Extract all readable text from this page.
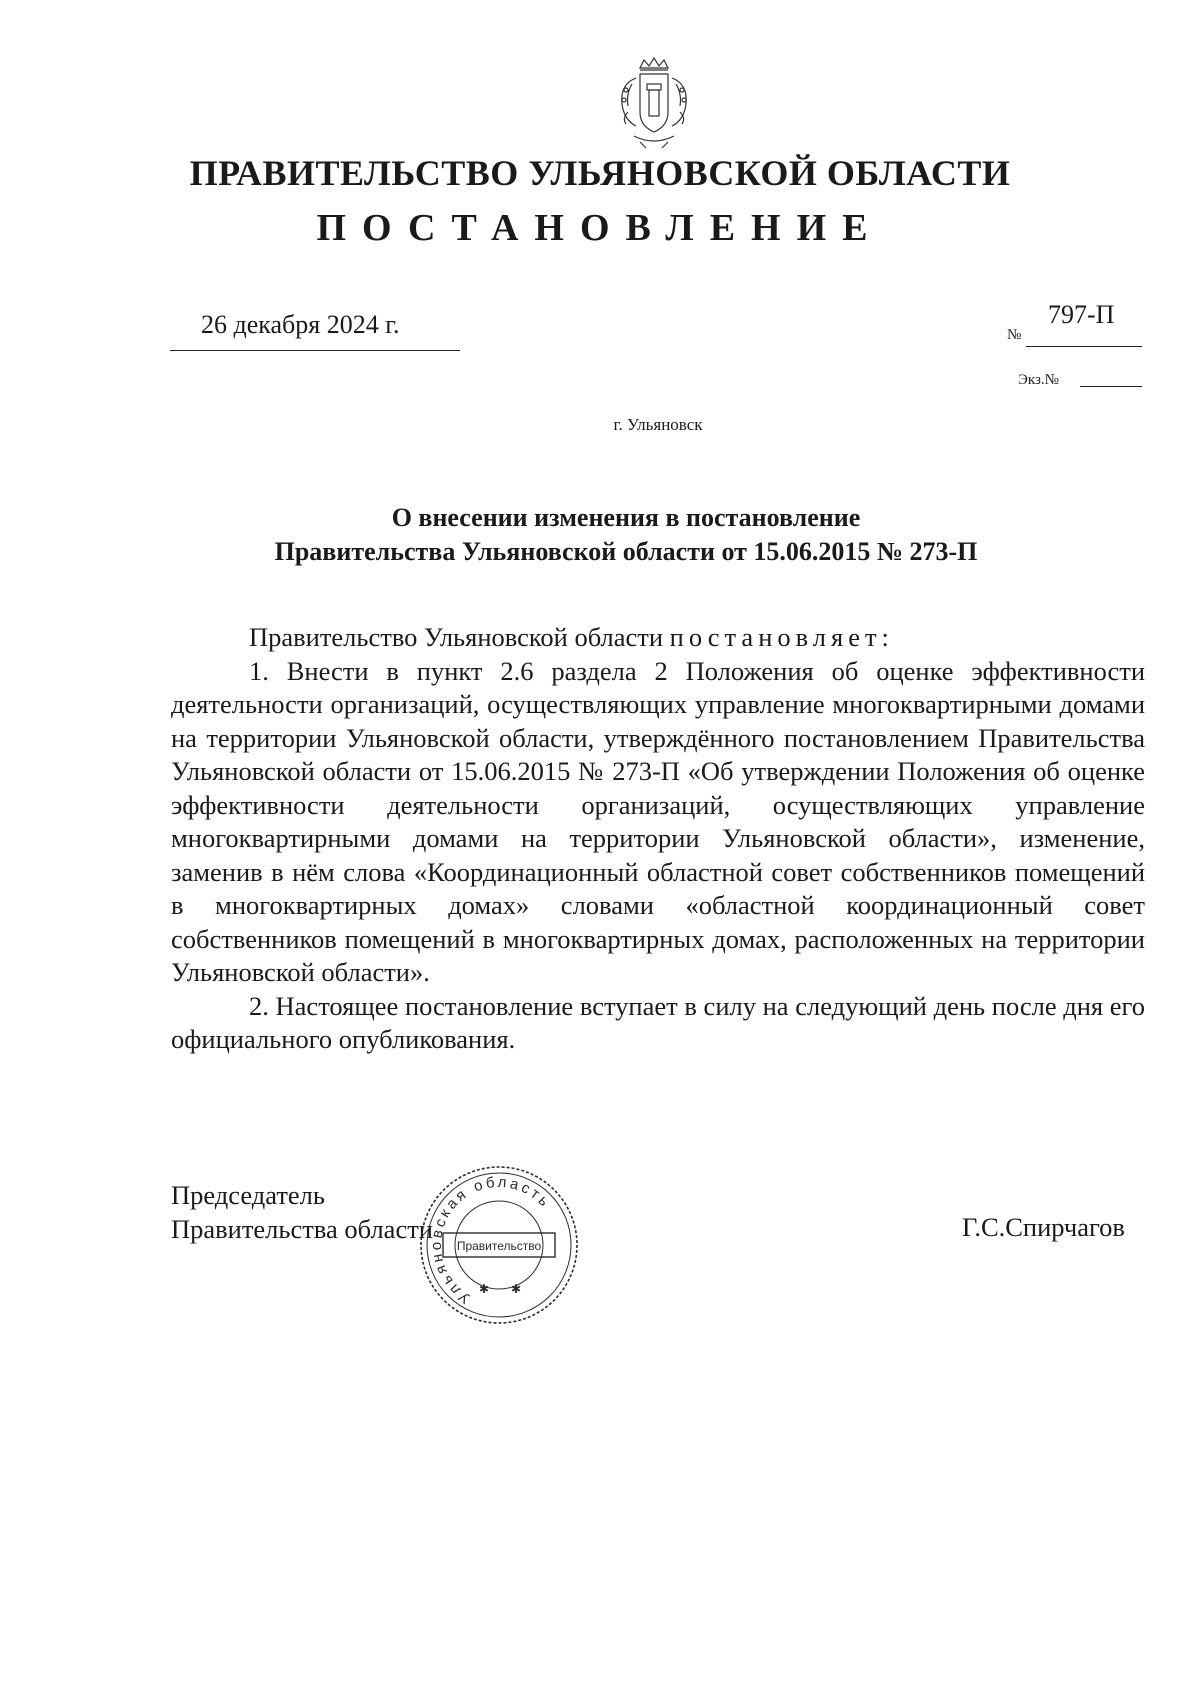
ПРАВИТЕЛЬСТВО УЛЬЯНОВСКОЙ ОБЛАСТИ
ПОСТАНОВЛЕНИЕ
26 декабря 2024 г.	№
797-П
Экз.№
г. Ульяновск
О внесении изменения в постановление
Правительства Ульяновской области от 15.06.2015 № 273-П

Правительство Ульяновской области постановляет:

1. Внести в пункт 2.6 раздела 2 Положения об оценке эффективности деятельности организаций, осуществляющих управление многоквартирными домами на территории Ульяновской области, утверждённого постановлением Правительства Ульяновской области от 15.06.2015 № 273-П «Об утверждении Положения об оценке эффективности деятельности организаций, осуществляющих управление многоквартирными домами на территории Ульяновской области», изменение, заменив в нём слова «Координационный областной совет собственников помещений в многоквартирных домах» словами «областной координационный совет собственников помещений в многоквартирных домах, расположенных на территории Ульяновской области».

2. Настоящее постановление вступает в силу на следующий день после дня его официального опубликования.

Председатель
Правительства области	Г.С.Спирчагов
Ульяновская область
Правительство
✱ ✱
